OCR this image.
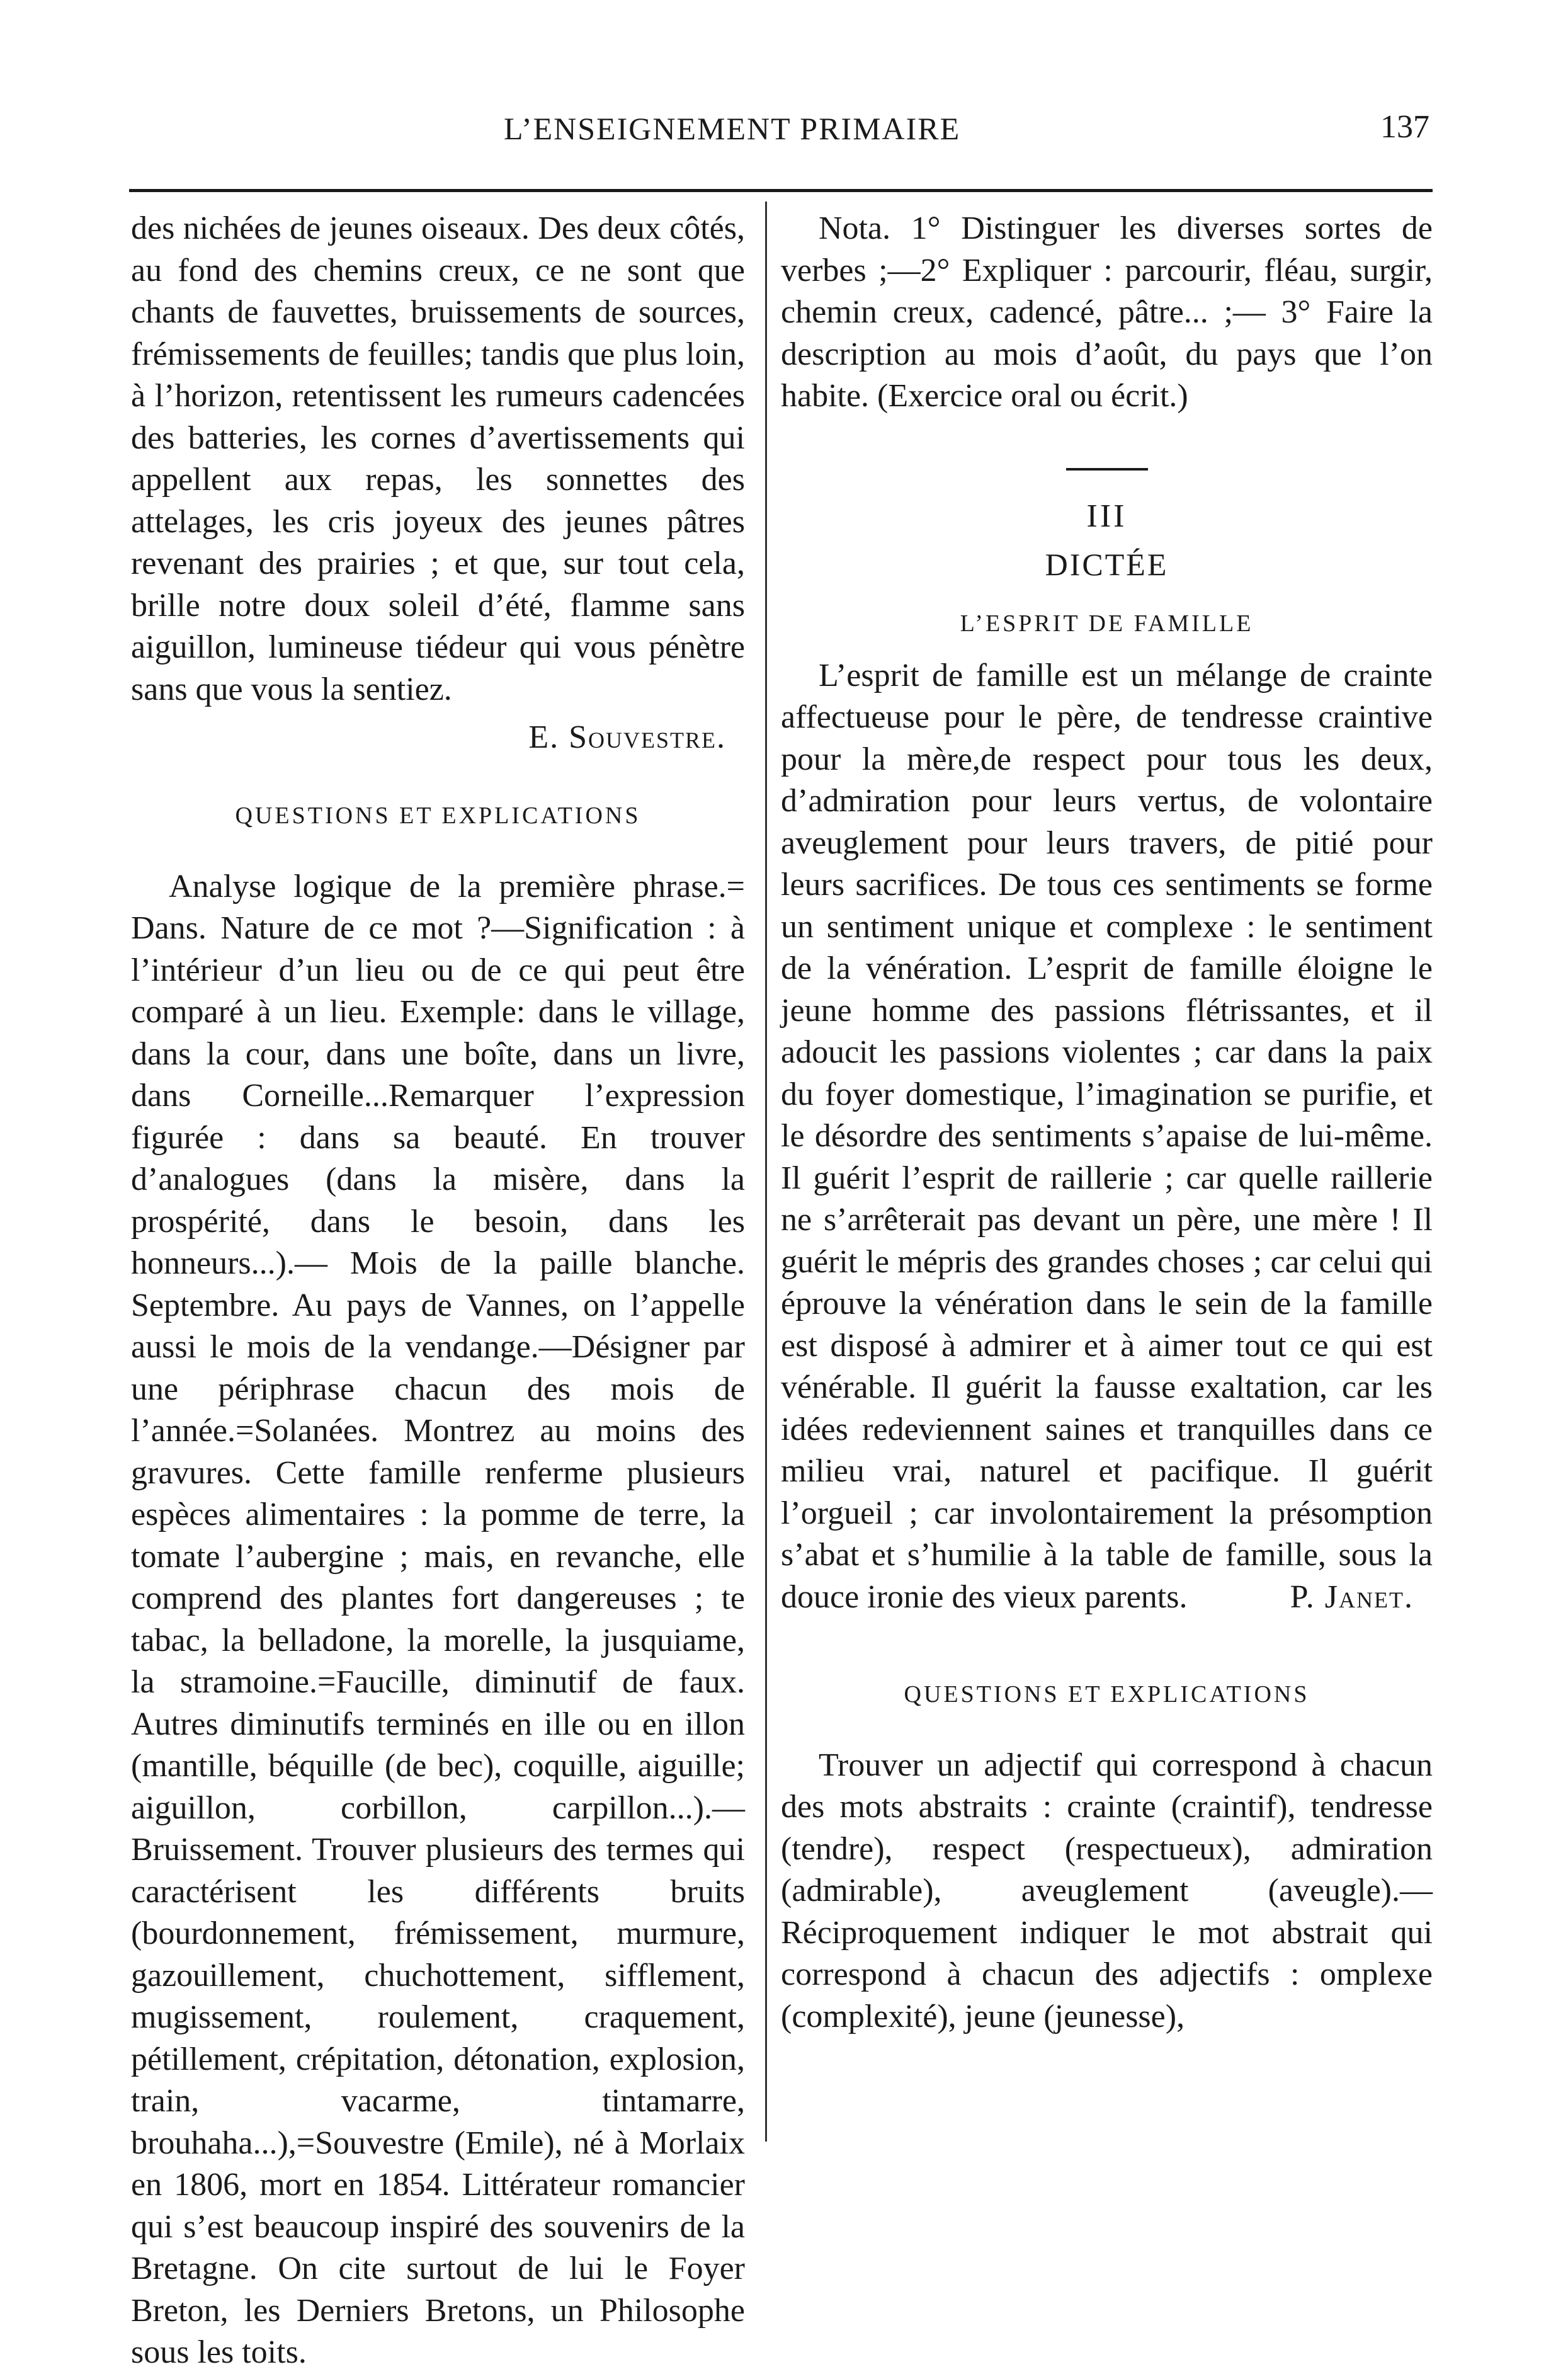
L’ENSEIGNEMENT PRIMAIRE	137

des nichées de jeunes oiseaux. Des deux côtés, au fond des chemins creux, ce ne sont que chants de fauvettes, bruissements de sources, frémissements de feuilles; tandis que plus loin, à l’horizon, retentissent les rumeurs cadencées des batteries, les cornes d’avertissements qui appellent aux repas, les sonnettes des attelages, les cris joyeux des jeunes pâtres revenant des prairies ; et que, sur tout cela, brille notre doux soleil d’été, flamme sans aiguillon, lumineuse tiédeur qui vous pénètre sans que vous la sentiez.

E. Souvestre.

QUESTIONS ET EXPLICATIONS

Analyse logique de la première phrase.= Dans. Nature de ce mot ?—Signification : à l’intérieur d’un lieu ou de ce qui peut être comparé à un lieu. Exemple: dans le village, dans la cour, dans une boîte, dans un livre, dans Corneille...Remarquer l’expression figurée : dans sa beauté. En trouver d’analogues (dans la misère, dans la prospérité, dans le besoin, dans les honneurs...).— Mois de la paille blanche. Septembre. Au pays de Vannes, on l’appelle aussi le mois de la vendange.—Désigner par une périphrase chacun des mois de l’année.=Solanées. Montrez au moins des gravures. Cette famille renferme plusieurs espèces alimentaires : la pomme de terre, la tomate l’aubergine ; mais, en revanche, elle comprend des plantes fort dangereuses ; te tabac, la belladone, la morelle, la jusquiame, la stramoine.=Faucille, diminutif de faux. Autres diminutifs terminés en ille ou en illon (mantille, béquille (de bec), coquille, aiguille; aiguillon, corbillon, carpillon...).—Bruissement. Trouver plusieurs des termes qui caractérisent les différents bruits (bourdonnement, frémissement, murmure, gazouillement, chuchottement, sifflement, mugissement, roulement, craquement, pétillement, crépitation, détonation, explosion, train, vacarme, tintamarre, brouhaha...),=Souvestre (Emile), né à Morlaix en 1806, mort en 1854. Littérateur romancier qui s’est beaucoup inspiré des souvenirs de la Bretagne. On cite surtout de lui le Foyer Breton, les Derniers Bretons, un Philosophe sous les toits.

Nota. 1° Distinguer les diverses sortes de verbes ;—2° Expliquer : parcourir, fléau, surgir, chemin creux, cadencé, pâtre... ;— 3° Faire la description au mois d’août, du pays que l’on habite. (Exercice oral ou écrit.)

III
DICTÉE
L’ESPRIT DE FAMILLE

L’esprit de famille est un mélange de crainte affectueuse pour le père, de tendresse craintive pour la mère,de respect pour tous les deux, d’admiration pour leurs vertus, de volontaire aveuglement pour leurs travers, de pitié pour leurs sacrifices. De tous ces sentiments se forme un sentiment unique et complexe : le sentiment de la vénération. L’esprit de famille éloigne le jeune homme des passions flétrissantes, et il adoucit les passions violentes ; car dans la paix du foyer domestique, l’imagination se purifie, et le désordre des sentiments s’apaise de lui-même. Il guérit l’esprit de raillerie ; car quelle raillerie ne s’arrêterait pas devant un père, une mère ! Il guérit le mépris des grandes choses ; car celui qui éprouve la vénération dans le sein de la famille est disposé à admirer et à aimer tout ce qui est vénérable. Il guérit la fausse exaltation, car les idées redeviennent saines et tranquilles dans ce milieu vrai, naturel et pacifique. Il guérit l’orgueil ; car involontairement la présomption s’abat et s’humilie à la table de famille, sous la douce ironie des vieux parents.	P. Janet.

QUESTIONS ET EXPLICATIONS

Trouver un adjectif qui correspond à chacun des mots abstraits : crainte (craintif), tendresse (tendre), respect (respectueux), admiration (admirable), aveuglement (aveugle).—Réciproquement indiquer le mot abstrait qui correspond à chacun des adjectifs : omplexe (complexité), jeune (jeunesse),
